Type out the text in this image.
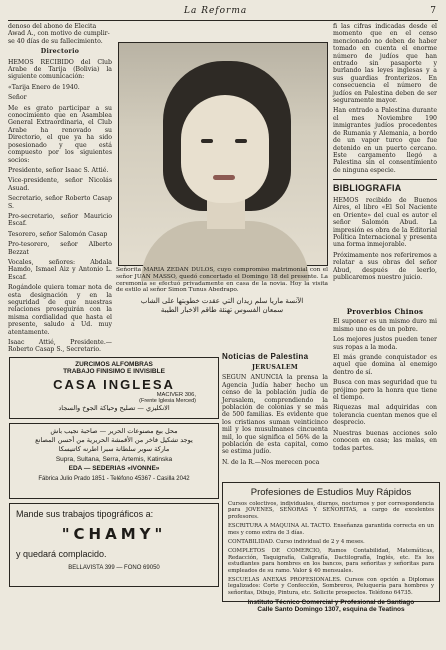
La Reforma	7

denoso del abono de Elecita

Awad A., con motivo de cumplir-

se 40 días de su fallecimiento.

Directorio

HEMOS RECIBIDO del Club Arabe de Tarija (Bolivia) la siguiente comunicación:

«Tarija Enero de 1940.

Señor

Me es grato participar a su conocimiento que en Asamblea General Extraordinaria, el Club Arabe ha renovado su Directorio, el que ya ha sido posesionado y que está compuesto por los siguientes socios:

Presidente, señor Isaac S. Attié.

Vice-presidente, señor Nicolás Asuad.

Secretario, señor Roberto Casap S.

Pro-secretario, señor Mauricio Escaf.

Tesorero, señor Salomón Casap

Pro-tesorero, señor Alberto Bezzat

Vocales, señores: Abdala Hamdo, Ismael Aiz y Antonio L. Escaf.

Rogándole quiera tomar nota de esta designación y en la seguridad de que nuestras relaciones proseguirán con la misma cordialidad que hasta el presente, saludo a Ud. muy atentamente.

Isaac Attié, Presidente.—Roberto Casap S., Secretario.

Señorita MARIA ZEDAN DULOS, cuyo compromiso matrimonial con el señor JUAN MASSO, quedó concertado el Domingo 18 del presente. La ceremonia se efectuó privadamente en casa de la novia. Hoy la visita de estilo al señor Simon Tunus Abedrapo.
الآنسة ماريا سلم زيدان التي عقدت خطوبتها على الشاب
سمعان الفسوس تهنئة طاقم الاخبار الطيبة

fi las cifras indicadas desde el momento que en el censo mencionado no deben de haber tomado en cuenta el enorme número de judíos que han entrado sin pasaporte y burlando las leyes inglesas y a sus guardias fronterizos. En consecuencia el número de judíos en Palestina deben de ser seguramente mayor.

Han entrado a Palestina durante el mes Noviembre 190 inmigrantes judíos procedentes de Rumania y Alemania, a bordo de un vapor turco que fue detenido en un puerto cercano. Este cargamento llegó a Palestina sin el consentimiento de ninguna especie.

BIBLIOGRAFIA

HEMOS recibido de Buenos Aires, el libro «El Sol Naciente en Oriente» del cual es autor el señor Salomón Abud. La impresión es obra de la Editorial Política Internacional y presenta una forma inmejorable.

Próximamente nos referiremos a relatar a sus obras del señor Abud, después de leerlo, publicaremos nuestro juicio.

Proverbios Chinos

El suponer es un mismo duro mi mismo uno es de un pobre.

Los mejores justos pueden tener sus ropas a la moda.

El más grande conquistador es aquel que domina al enemigo dentro de sí.

Busca con mas seguridad que tu prójimo pero la honra que tiene el tiempo.

Riquezas mal adquiridas con tolerancia cuentan menos que el desprecio.

Nuestras buenas acciones solo conocen en casa; las malas, en todas partes.

Noticias de Palestina

JERUSALEM

SEGUN ANUNCIA la prensa la Agencia Judía haber hecho un censo de la población judía de Jerusalem, comprendiendo la población de colonias y se más de 500 familias. Es evidente que los cristianos suman veinticinco mil y los musulmanes cincuenta mil, lo que significa el 56% de la población de esta capital, como se estima judío.

N. de la R.—Nos merecen poca

ZURCIMOS ALFOMBRAS
TRABAJO FINISIMO E INVISIBLE
CASA INGLESA
MACIVER 306,
(Frente Iglesia Merced)
الانكليزي — تصليح وحياكة الجوخ والسجاد
محل بيع مصنوعات الحرير — صاحبة نجيب باش
يوجد تشكيل فاخر من الأقمشة الحريرية من أحسن المصانع
ماركة سوبر سلطانة سبرا اطرنه كاتنيسكا
Supra, Sultana, Serra, Artemis, Katinska
EDA — SEDERIAS «IVONNE»
Fábrica Julio Prado 1851 - Teléfono 45367 - Casilla 2042
Mande sus trabajos tipográficos a:
"CHAMY"
y quedará complacido.
BELLAVISTA 399 — FONO 69050
Profesiones de Estudios Muy Rápidos

Cursos colectivos, individuales, diurnos, nocturnos y por correspondencia para JOVENES, SEÑORAS Y SEÑORITAS, a cargo de excelentes profesores.

ESCRITURA A MAQUINA AL TACTO. Enseñanza garantida correcta en un mes y como extra de 3 días.

CONTABILIDAD. Curso individual de 2 y 4 meses.

COMPLETOS DE COMERCIO, Ramos Contabilidad, Matemáticas, Redacción, Taquigrafía, Caligrafía, Dactilografía, Inglés, etc. Es los estudiantes para hombres en los bancos, para señoritas y señoritas para empleados de su ramo. Valor $ 40 mensuales.

ESCUELAS ANEXAS PROFESIONALES. Cursos con opción a Diplomas legalizados: Corte y Confección, Sombreros, Peluquería para hombres y señoritas, Dibujo, Pintura, etc. Solicite prospectos. Teléfono 64735.

Instituto Técnico Comercial y Profesional de Santiago
Calle Santo Domingo 1307, esquina de Teatinos
